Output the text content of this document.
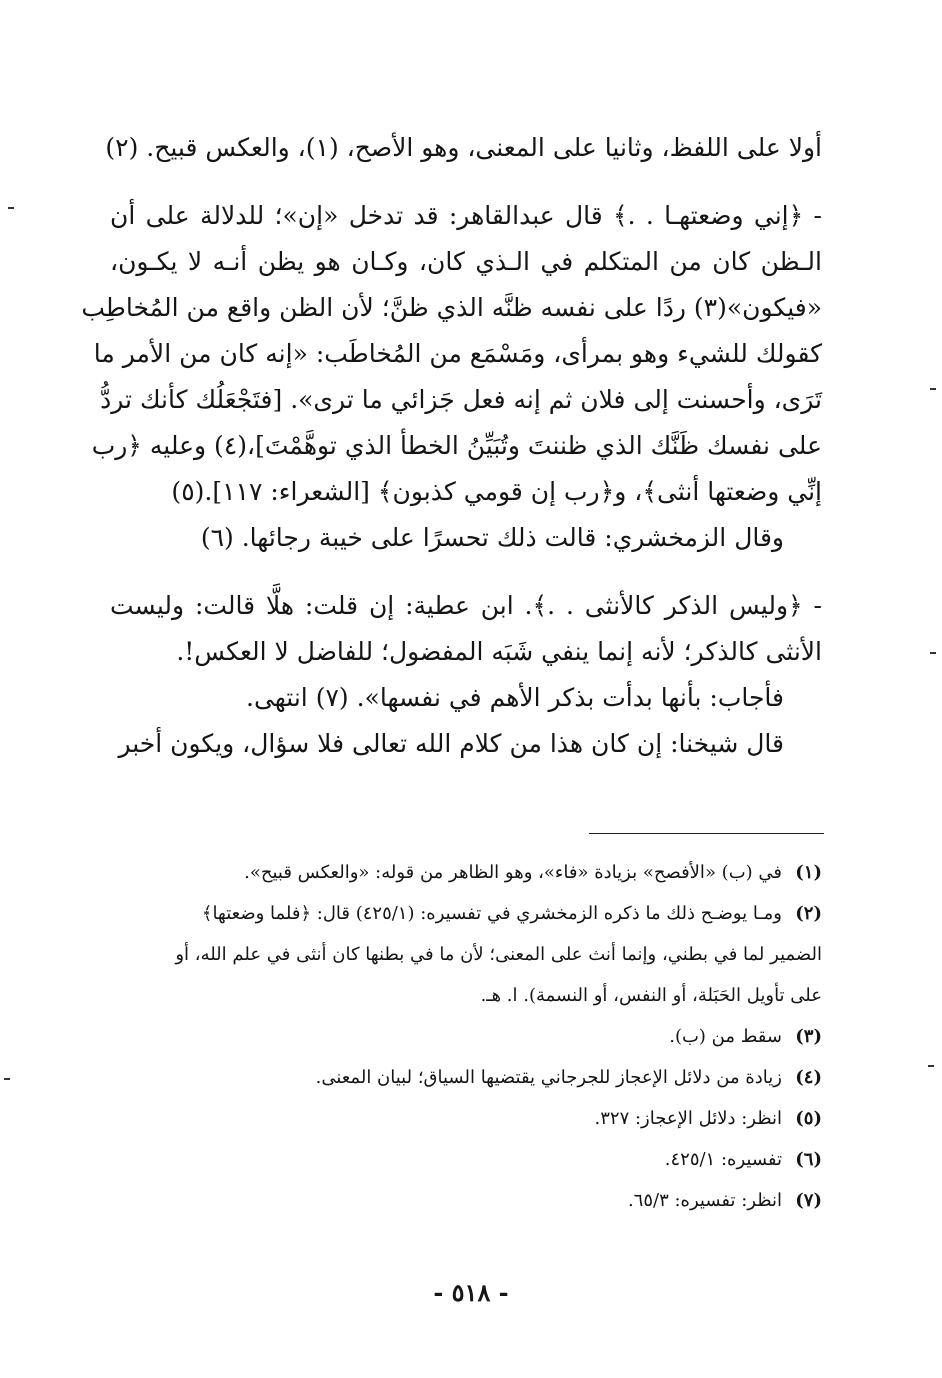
أولا على اللفظ، وثانيا على المعنى، وهو الأصح، (١)، والعكس قبيح. (٢)
- ﴿إني وضعتهـا . .﴾ قال عبدالقاهر: قد تدخل «إن»؛ للدلالة على أن
الـظن كان من المتكلم في الـذي كان، وكـان هو يظن أنـه لا يكـون،
«فيكون»(٣) ردًا على نفسه ظنَّه الذي ظنَّ؛ لأن الظن واقع من المُخاطِب
كقولك للشيء وهو بمرأى، ومَسْمَع من المُخاطَب: «إنه كان من الأمر ما
تَرَى، وأحسنت إلى فلان ثم إنه فعل جَزائي ما ترى». [فتَجْعَلُك كأنك تردُّ
على نفسك ظَنَّك الذي ظننتَ وتُبَيِّنُ الخطأ الذي توهَّمْتَ]،(٤) وعليه ﴿رب
إنِّي وضعتها أنثى﴾، و﴿رب إن قومي كذبون﴾ [الشعراء: ١١٧].(٥)
وقال الزمخشري: قالت ذلك تحسرًا على خيبة رجائها. (٦)
- ﴿وليس الذكر كالأنثى . .﴾. ابن عطية: إن قلت: هلَّا قالت: وليست
الأنثى كالذكر؛ لأنه إنما ينفي شَبَه المفضول؛ للفاضل لا العكس!.
فأجاب: بأنها بدأت بذكر الأهم في نفسها». (٧) انتهى.
قال شيخنا: إن كان هذا من كلام الله تعالى فلا سؤال، ويكون أخبر
(١)في (ب) «الأفصح» بزيادة «فاء»، وهو الظاهر من قوله: «والعكس قبيح».
(٢)ومـا يوضـح ذلك ما ذكره الزمخشري في تفسيره: (٤٢٥/١) قال: ﴿فلما وضعتها﴾
الضمير لما في بطني، وإنما أنث على المعنى؛ لأن ما في بطنها كان أنثى في علم الله، أو
على تأويل الحَبَلة، أو النفس، أو النسمة). ا. هـ.
(٣)سقط من (ب).
(٤)زيادة من دلائل الإعجاز للجرجاني يقتضيها السياق؛ لبيان المعنى.
(٥)انظر: دلائل الإعجاز: ٣٢٧.
(٦)تفسيره: ٤٢٥/١.
(٧)انظر: تفسيره: ٦٥/٣.
- ٥١٨ -
